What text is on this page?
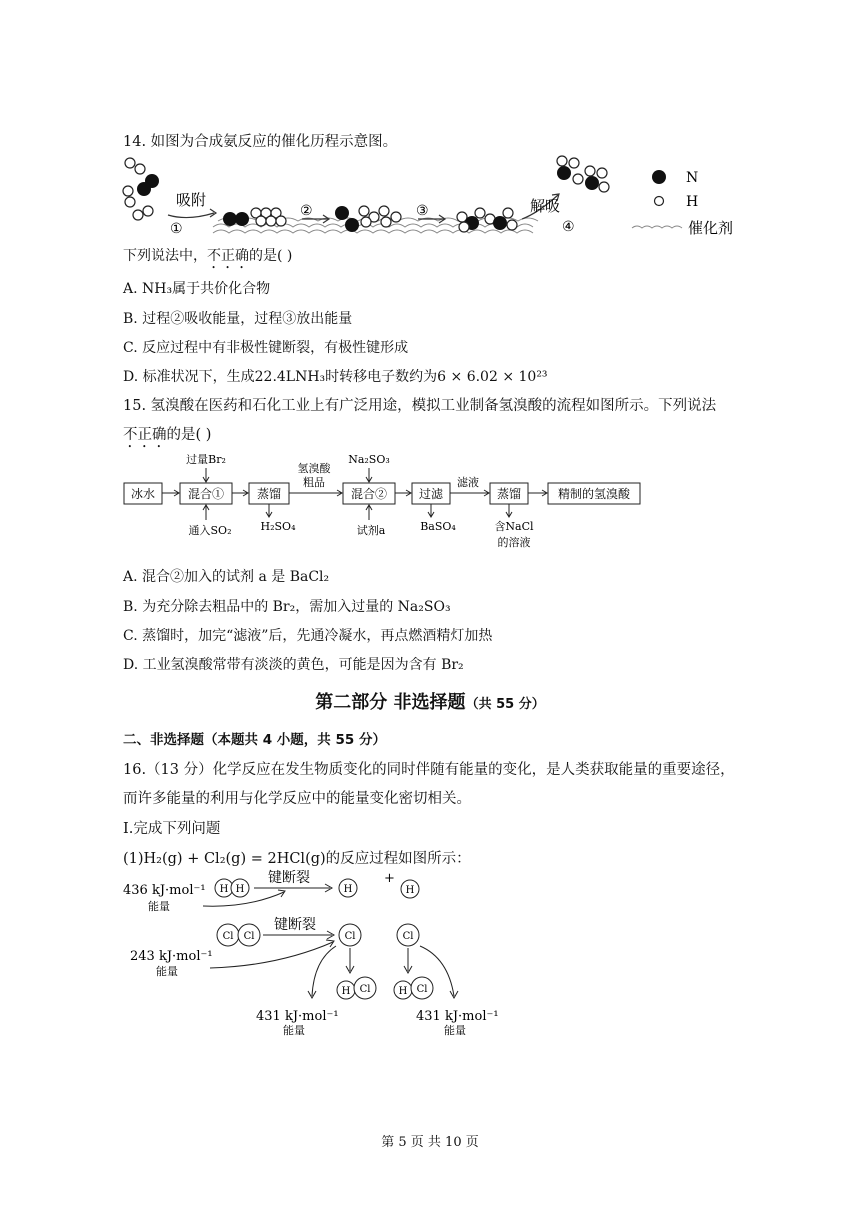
14. 如图为合成氨反应的催化历程示意图。
吸附
①
②	③	解吸
④
N
H
催化剂
下列说法中，不正确的是( )
A. NH₃属于共价化合物
B. 过程②吸收能量，过程③放出能量
C. 反应过程中有非极性键断裂，有极性键形成
D. 标准状况下，生成22.4LNH₃时转移电子数约为6 × 6.02 × 10²³
15. 氢溴酸在医药和石化工业上有广泛用途，模拟工业制备氢溴酸的流程如图所示。下列说法
不正确的是( )
冰水	混合①	蒸馏	混合②	过滤	蒸馏	精制的氢溴酸
过量Br₂
通入SO₂	H₂SO₄
氢溴酸
粗品
Na₂SO₃
试剂a
滤液
BaSO₄	含NaCl
的溶液
A. 混合②加入的试剂 a 是 BaCl₂
B. 为充分除去粗品中的 Br₂，需加入过量的 Na₂SO₃
C. 蒸馏时，加完“滤液”后，先通冷凝水，再点燃酒精灯加热
D. 工业氢溴酸常带有淡淡的黄色，可能是因为含有 Br₂
第二部分 非选择题（共 55 分）
二、非选择题（本题共 4 小题，共 55 分）
16.（13 分）化学反应在发生物质变化的同时伴随有能量的变化，是人类获取能量的重要途径，
而许多能量的利用与化学反应中的能量变化密切相关。
Ⅰ.完成下列问题
(1)H₂(g) + Cl₂(g) = 2HCl(g)的反应过程如图所示：
436 kJ·mol⁻¹
能量
243 kJ·mol⁻¹
能量
431 kJ·mol⁻¹
能量
431 kJ·mol⁻¹
能量
H H	H	H
Cl Cl	Cl	Cl
H Cl	H Cl
+
键断裂
键断裂
第 5 页 共 10 页
